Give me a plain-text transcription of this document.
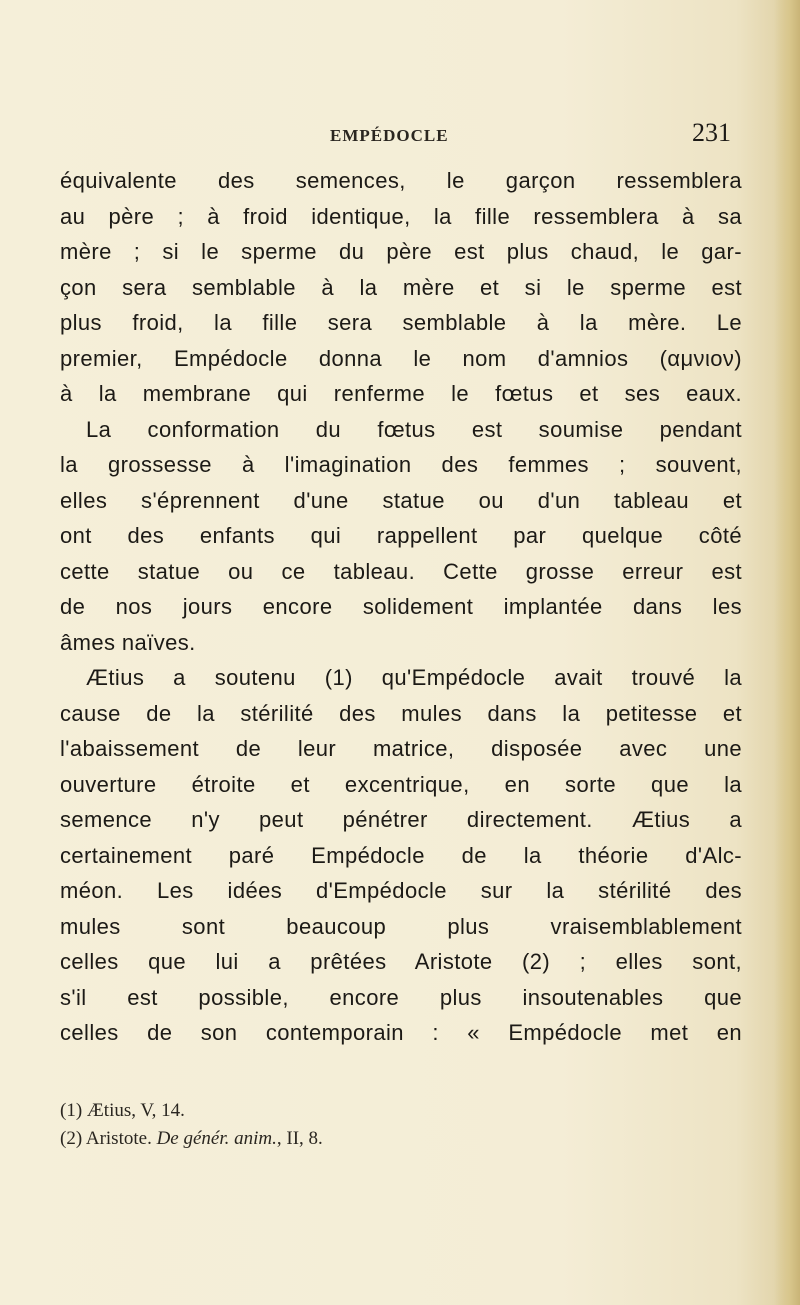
EMPÉDOCLE	231
équivalente des semences, le garçon ressemblera
au père ; à froid identique, la fille ressemblera à sa
mère ; si le sperme du père est plus chaud, le gar-
çon sera semblable à la mère et si le sperme est
plus froid, la fille sera semblable à la mère. Le
premier, Empédocle donna le nom d'amnios (αμνιον)
à la membrane qui renferme le fœtus et ses eaux.
La conformation du fœtus est soumise pendant
la grossesse à l'imagination des femmes ; souvent,
elles s'éprennent d'une statue ou d'un tableau et
ont des enfants qui rappellent par quelque côté
cette statue ou ce tableau. Cette grosse erreur est
de nos jours encore solidement implantée dans les
âmes naïves.
Ætius a soutenu (1) qu'Empédocle avait trouvé la
cause de la stérilité des mules dans la petitesse et
l'abaissement de leur matrice, disposée avec une
ouverture étroite et excentrique, en sorte que la
semence n'y peut pénétrer directement. Ætius a
certainement paré Empédocle de la théorie d'Alc-
méon. Les idées d'Empédocle sur la stérilité des
mules sont beaucoup plus vraisemblablement
celles que lui a prêtées Aristote (2) ; elles sont,
s'il est possible, encore plus insoutenables que
celles de son contemporain : « Empédocle met en
(1) Ætius, V, 14.
(2) Aristote. De génér. anim., II, 8.
